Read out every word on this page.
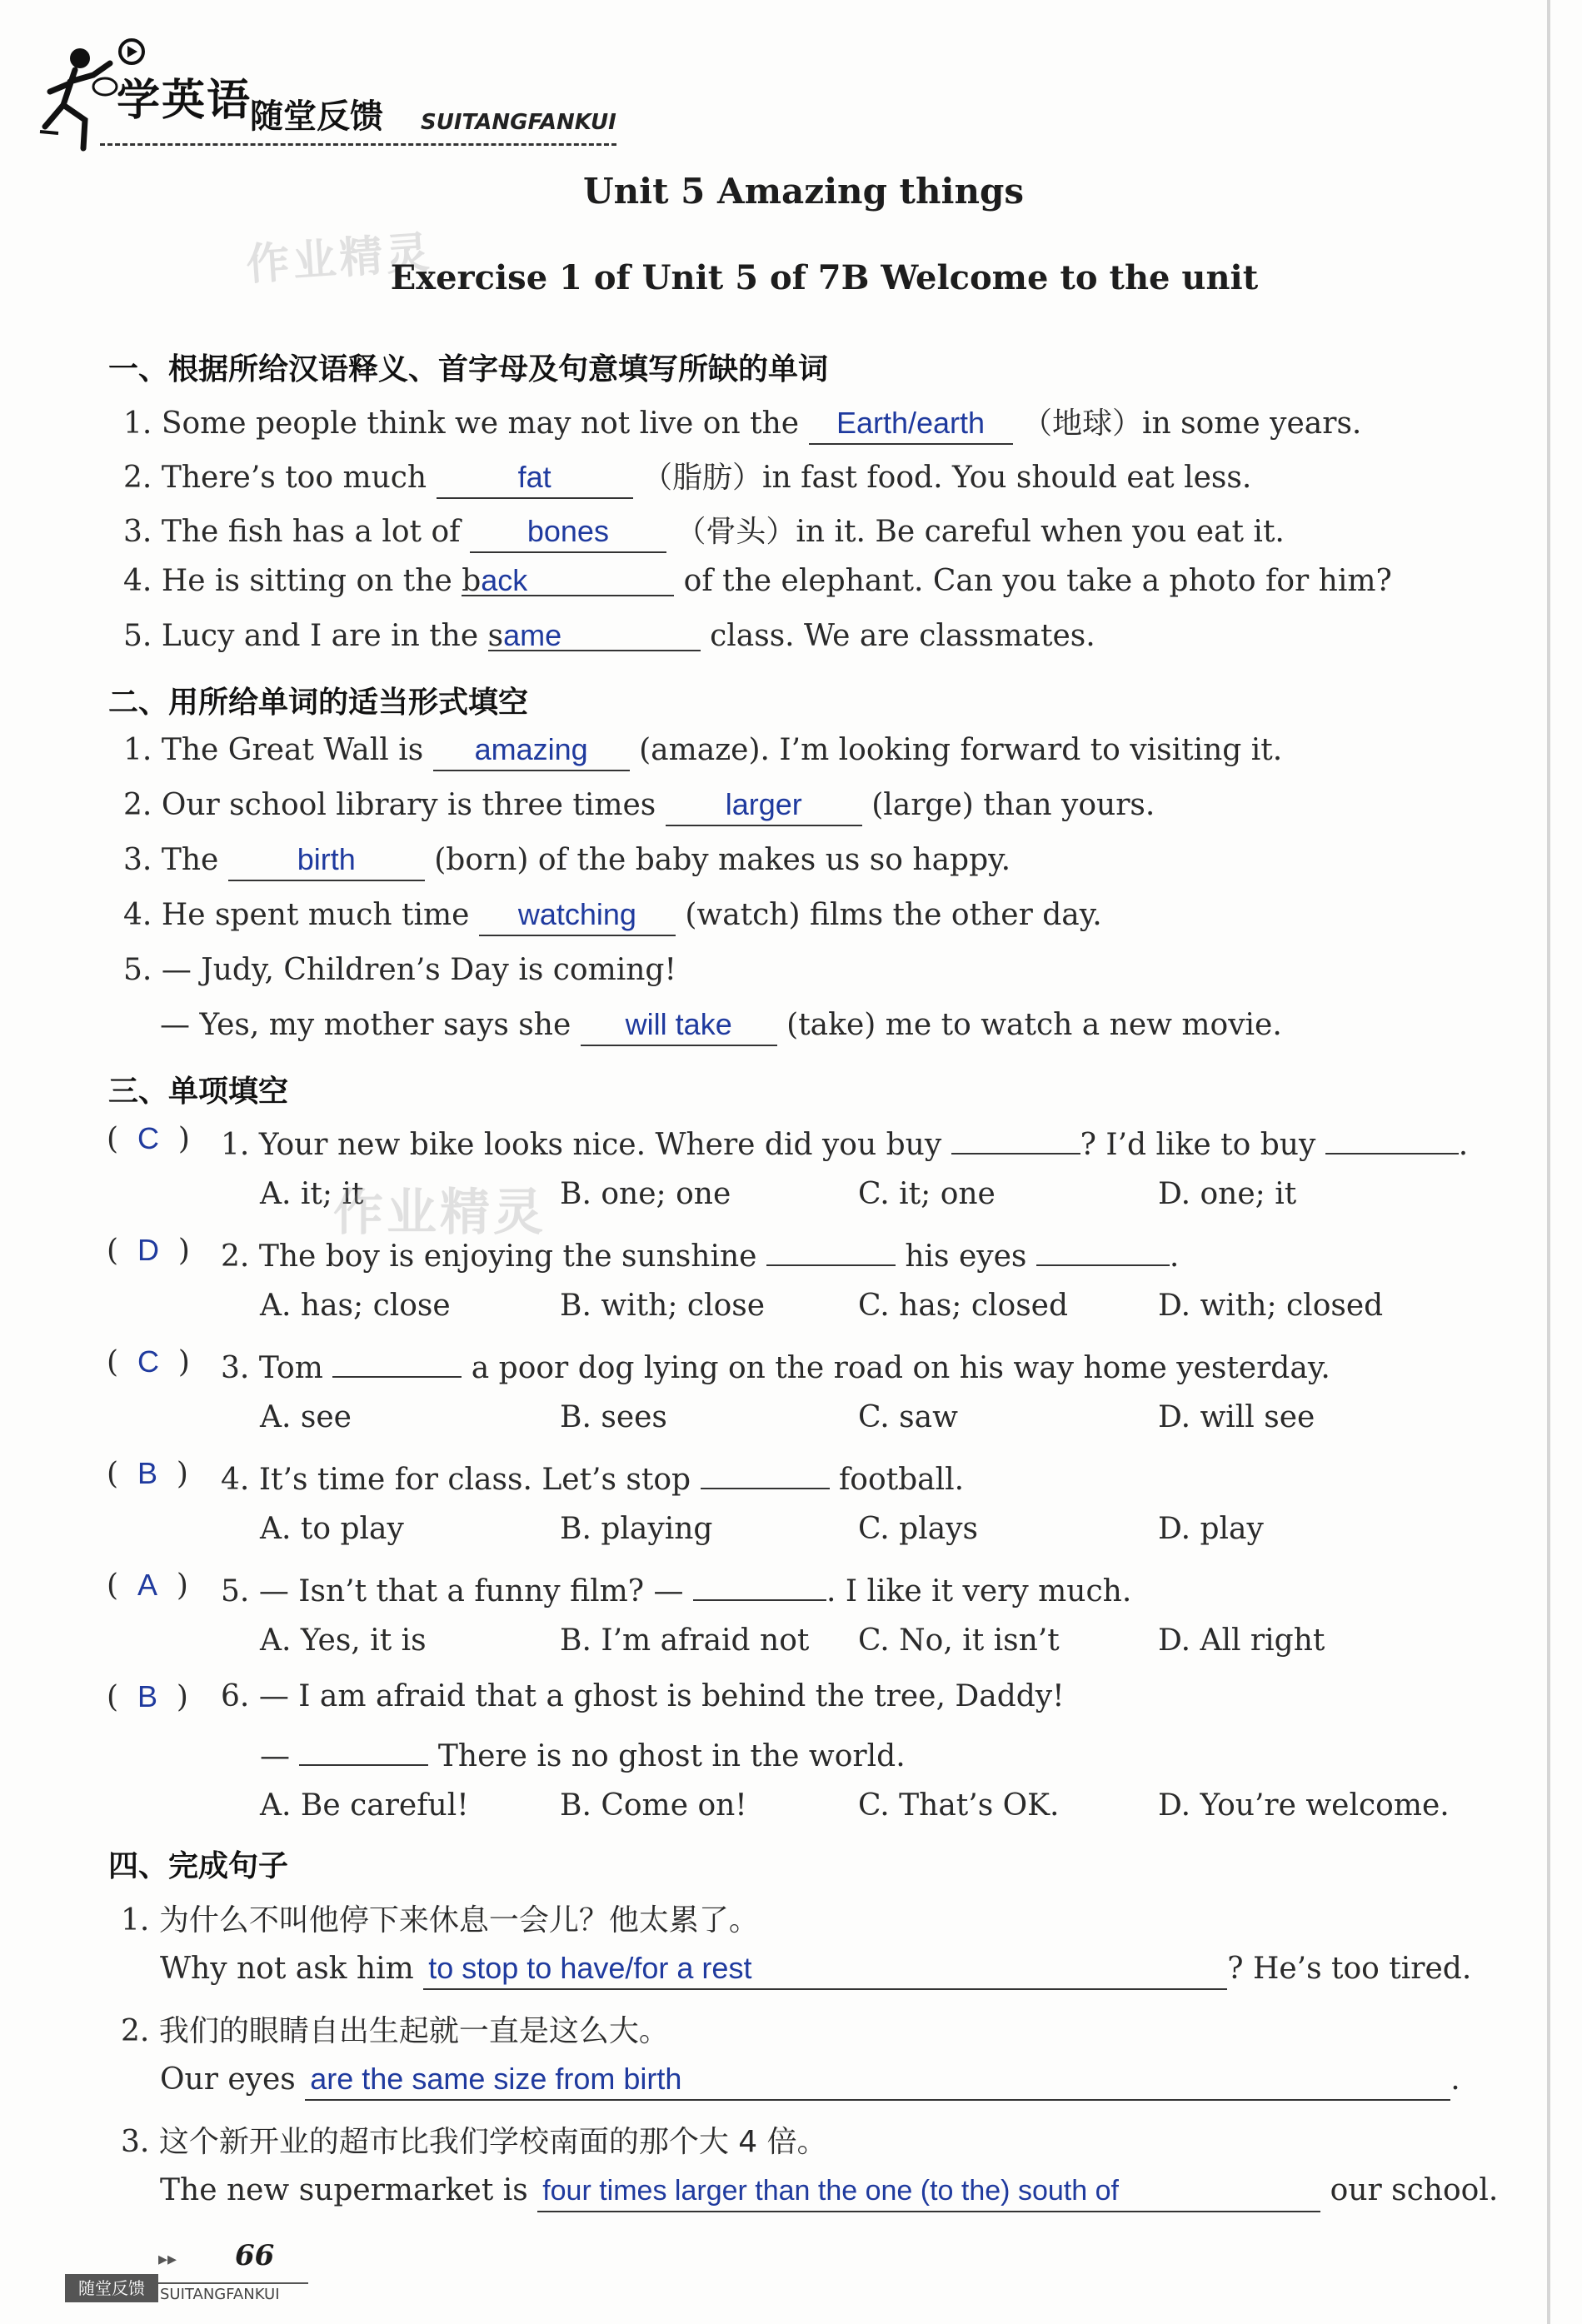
学英语
随堂反馈 SUITANGFANKUI
Unit 5 Amazing things
作业精灵
Exercise 1 of Unit 5 of 7B Welcome to the unit
一、根据所给汉语释义、首字母及句意填写所缺的单词
1. Some people think we may not live on the Earth/earth （地球）in some years.
2. There’s too much	fat	（脂肪）in fast food. You should eat less.
3. The fish has a lot of bones （骨头）in it. Be careful when you eat it.
4. He is sitting on the back	of the elephant. Can you take a photo for him?
5. Lucy and I are in the same	class. We are classmates.
二、用所给单词的适当形式填空
1. The Great Wall is amazing (amaze). I’m looking forward to visiting it.
2. Our school library is three times larger (large) than yours.
3. The	birth	(born) of the baby makes us so happy.
4. He spent much time watching (watch) films the other day.
5. — Judy, Children’s Day is coming!
— Yes, my mother says she will take (take) me to watch a new movie.
三、单项填空
(  C  ) 1. Your new bike looks nice. Where did you buy	? I’d like to buy	.
A. it; it	B. one; one	C. it; one	D. one; it
作业精灵
(  D  ) 2. The boy is enjoying the sunshine	his eyes	.
A. has; close	B. with; close	C. has; closed	D. with; closed
(  C  ) 3. Tom	a poor dog lying on the road on his way home yesterday.
A. see	B. sees	C. saw	D. will see
(  B  ) 4. It’s time for class. Let’s stop	football.
A. to play	B. playing	C. plays	D. play
(  A  ) 5. — Isn’t that a funny film? —	. I like it very much.
A. Yes, it is	B. I’m afraid not C. No, it isn’t	D. All right
(  B  ) 6. — I am afraid that a ghost is behind the tree, Daddy!
—	There is no ghost in the world.
A. Be careful!	B. Come on!	C. That’s OK.	D. You’re welcome.
四、完成句子
1. 为什么不叫他停下来休息一会儿？他太累了。
Why not ask him to stop to have/for a rest	? He’s too tired.
2. 我们的眼睛自出生起就一直是这么大。
Our eyes are the same size from birth	.
3. 这个新开业的超市比我们学校南面的那个大 4 倍。
The new supermarket is four times larger than the one (to the) south of	our school.
▸▸ 66
随堂反馈	SUITANGFANKUI
